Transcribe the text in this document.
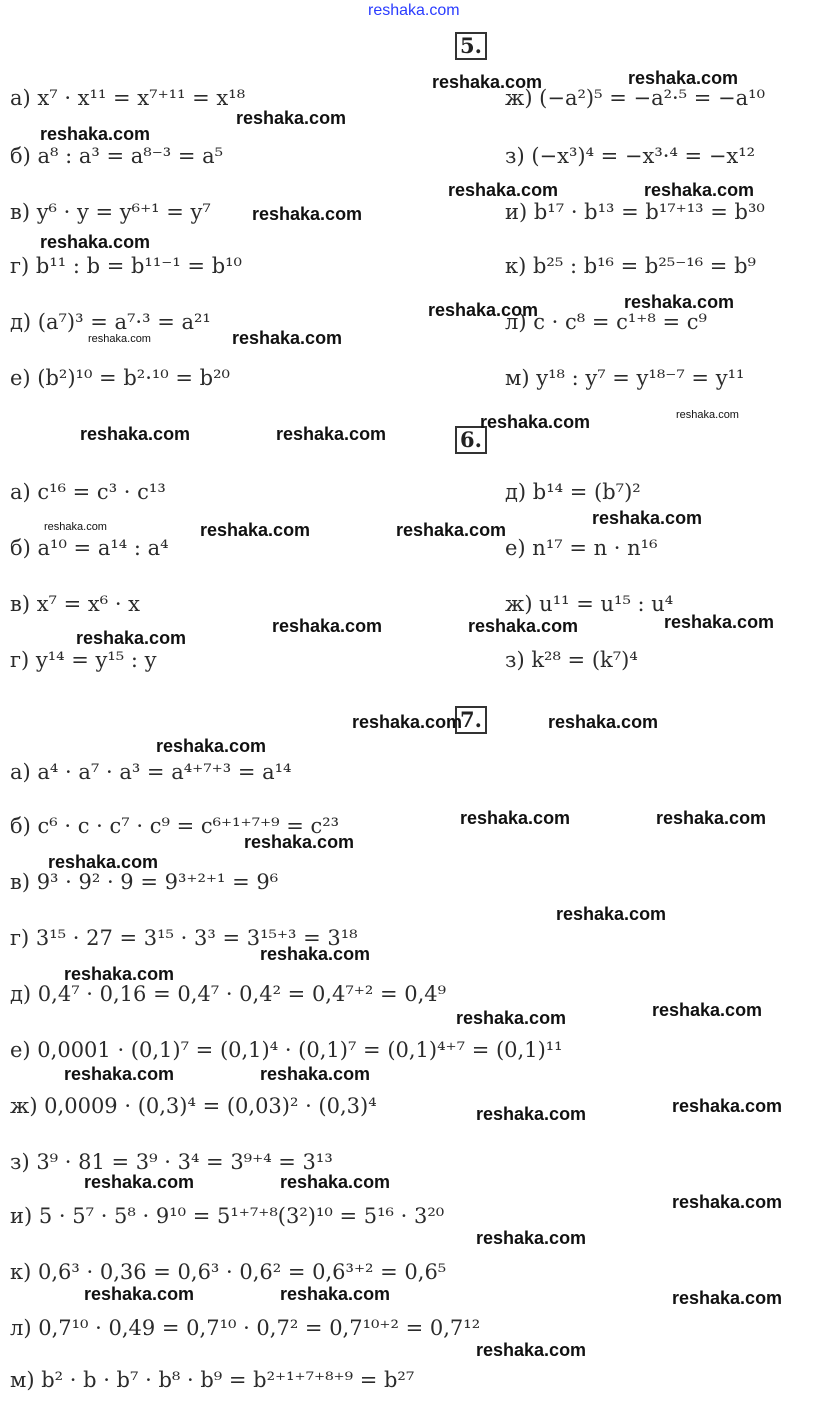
reshaka.com
5.
а) x⁷ · x¹¹ = x⁷⁺¹¹ = x¹⁸
б) a⁸ : a³ = a⁸⁻³ = a⁵
в) y⁶ · y = y⁶⁺¹ = y⁷
г) b¹¹ : b = b¹¹⁻¹ = b¹⁰
д) (a⁷)³ = a⁷·³ = a²¹
е) (b²)¹⁰ = b²·¹⁰ = b²⁰
ж) (−a²)⁵ = −a²·⁵ = −a¹⁰
з) (−x³)⁴ = −x³·⁴ = −x¹²
и) b¹⁷ · b¹³ = b¹⁷⁺¹³ = b³⁰
к) b²⁵ : b¹⁶ = b²⁵⁻¹⁶ = b⁹
л) c · c⁸ = c¹⁺⁸ = c⁹
м) y¹⁸ : y⁷ = y¹⁸⁻⁷ = y¹¹
6.
а) c¹⁶ = c³ · c¹³
б) a¹⁰ = a¹⁴ : a⁴
в) x⁷ = x⁶ · x
г) y¹⁴ = y¹⁵ : y
д) b¹⁴ = (b⁷)²
е) n¹⁷ = n · n¹⁶
ж) u¹¹ = u¹⁵ : u⁴
з) k²⁸ = (k⁷)⁴
7.
а) a⁴ · a⁷ · a³ = a⁴⁺⁷⁺³ = a¹⁴
б) c⁶ · c · c⁷ · c⁹ = c⁶⁺¹⁺⁷⁺⁹ = c²³
в) 9³ · 9² · 9 = 9³⁺²⁺¹ = 9⁶
г) 3¹⁵ · 27 = 3¹⁵ · 3³ = 3¹⁵⁺³ = 3¹⁸
д) 0,4⁷ · 0,16 = 0,4⁷ · 0,4² = 0,4⁷⁺² = 0,4⁹
е) 0,0001 · (0,1)⁷ = (0,1)⁴ · (0,1)⁷ = (0,1)⁴⁺⁷ = (0,1)¹¹
ж) 0,0009 · (0,3)⁴ = (0,03)² · (0,3)⁴
з) 3⁹ · 81 = 3⁹ · 3⁴ = 3⁹⁺⁴ = 3¹³
и) 5 · 5⁷ · 5⁸ · 9¹⁰ = 5¹⁺⁷⁺⁸(3²)¹⁰ = 5¹⁶ · 3²⁰
к) 0,6³ · 0,36 = 0,6³ · 0,6² = 0,6³⁺² = 0,6⁵
л) 0,7¹⁰ · 0,49 = 0,7¹⁰ · 0,7² = 0,7¹⁰⁺² = 0,7¹²
м) b² · b · b⁷ · b⁸ · b⁹ = b²⁺¹⁺⁷⁺⁸⁺⁹ = b²⁷
reshaka.com	reshaka.com
reshaka.com
reshaka.com
reshaka.com	reshaka.com
reshaka.com
reshaka.com
reshaka.com
reshaka.com
reshaka.com
reshaka.com
reshaka.com
reshaka.com
reshaka.com	reshaka.com
reshaka.com
reshaka.com	reshaka.com	reshaka.com
reshaka.com
reshaka.com	reshaka.com
reshaka.com
reshaka.com	reshaka.com
reshaka.com
reshaka.com	reshaka.com
reshaka.com
reshaka.com
reshaka.com
reshaka.com
reshaka.com
reshaka.com
reshaka.com
reshaka.com	reshaka.com
reshaka.com
reshaka.com
reshaka.com	reshaka.com
reshaka.com
reshaka.com
reshaka.com	reshaka.com	reshaka.com
reshaka.com
